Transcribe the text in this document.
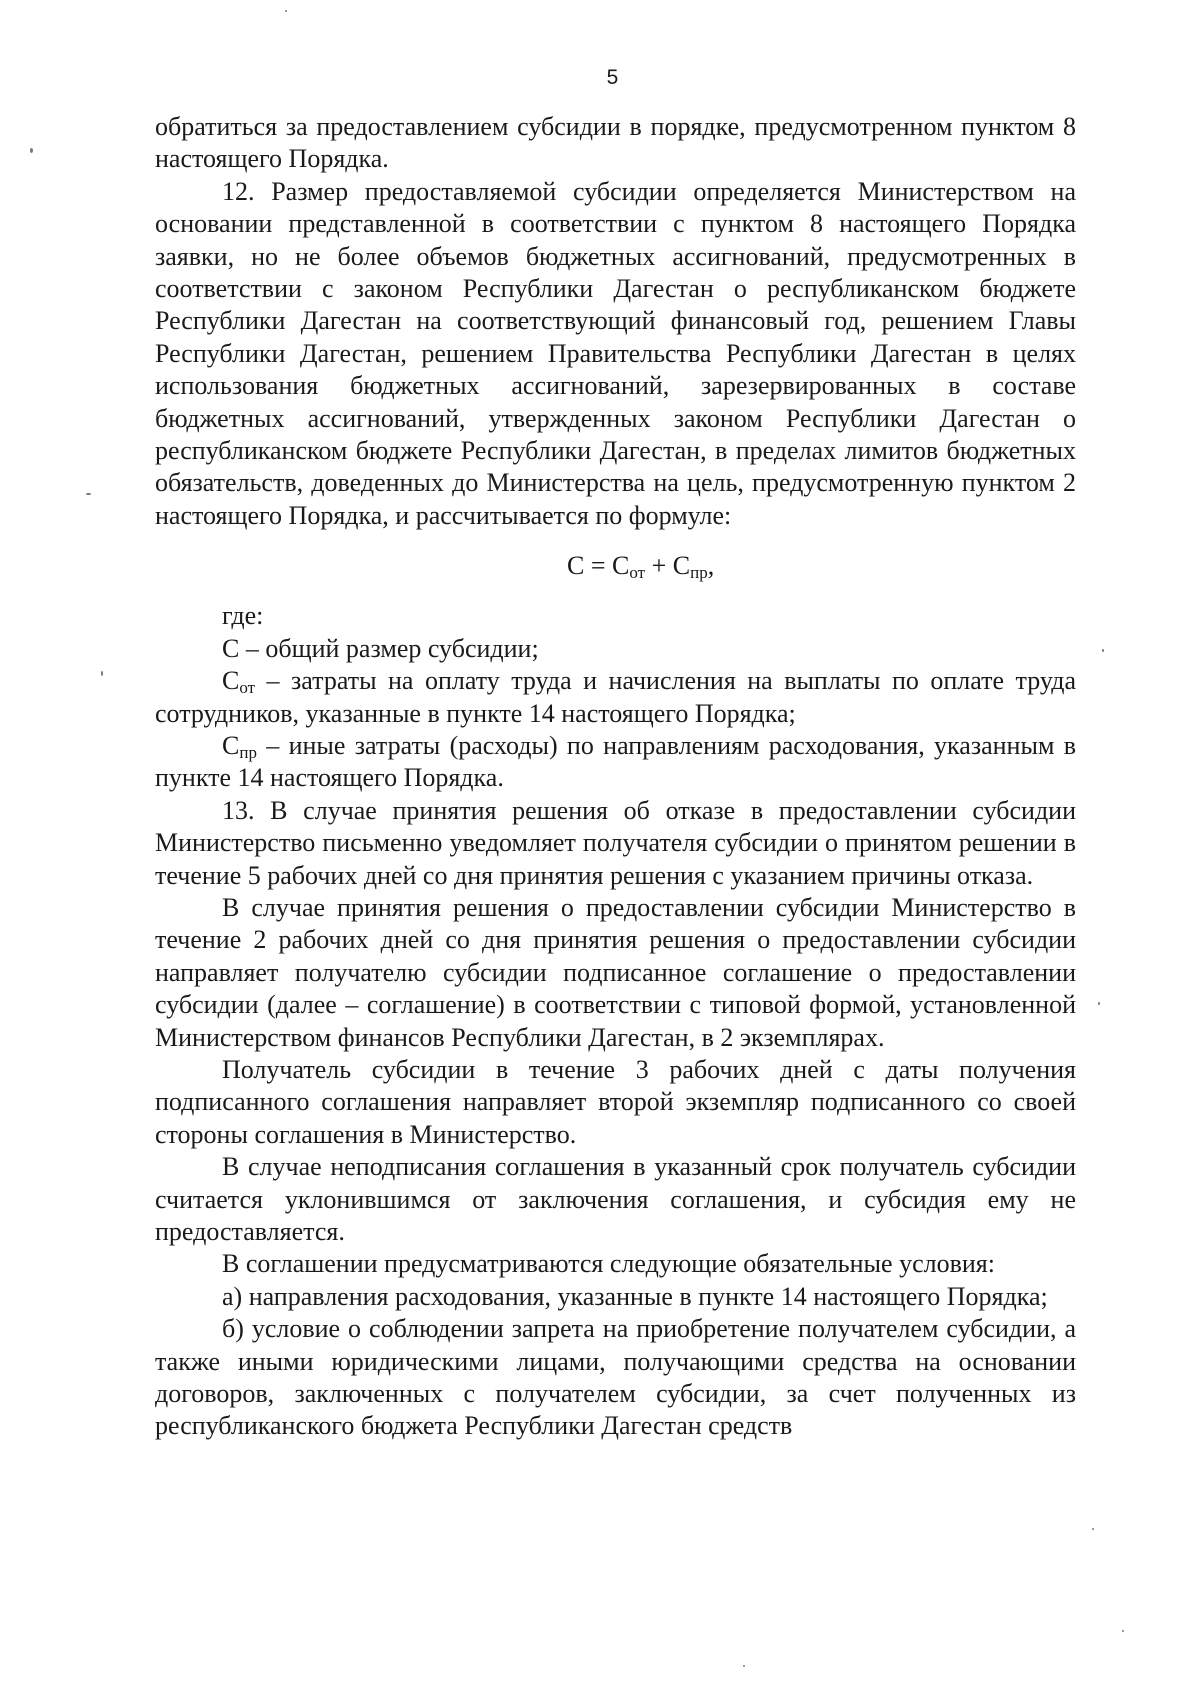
5

обратиться за предоставлением субсидии в порядке, предусмотренном пунктом 8 настоящего Порядка.

12. Размер предоставляемой субсидии определяется Министерством на основании представленной в соответствии с пунктом 8 настоящего Порядка заявки, но не более объемов бюджетных ассигнований, предусмотренных в соответствии с законом Республики Дагестан о республиканском бюджете Республики Дагестан на соответствующий финансовый год, решением Главы Республики Дагестан, решением Правительства Республики Дагестан в целях использования бюджетных ассигнований, зарезервированных в составе бюджетных ассигнований, утвержденных законом Республики Дагестан о республиканском бюджете Республики Дагестан, в пределах лимитов бюджетных обязательств, доведенных до Министерства на цель, предусмотренную пунктом 2 настоящего Порядка, и рассчитывается по формуле:

$С = С_{от} + С_{пр}$,

где:

С – общий размер субсидии;

$С_{от}$ – затраты на оплату труда и начисления на выплаты по оплате труда сотрудников, указанные в пункте 14 настоящего Порядка;

$С_{пр}$ – иные затраты (расходы) по направлениям расходования, указанным в пункте 14 настоящего Порядка.

13. В случае принятия решения об отказе в предоставлении субсидии Министерство письменно уведомляет получателя субсидии о принятом решении в течение 5 рабочих дней со дня принятия решения с указанием причины отказа.

В случае принятия решения о предоставлении субсидии Министерство в течение 2 рабочих дней со дня принятия решения о предоставлении субсидии направляет получателю субсидии подписанное соглашение о предоставлении субсидии (далее – соглашение) в соответствии с типовой формой, установленной Министерством финансов Республики Дагестан, в 2 экземплярах.

Получатель субсидии в течение 3 рабочих дней с даты получения подписанного соглашения направляет второй экземпляр подписанного со своей стороны соглашения в Министерство.

В случае неподписания соглашения в указанный срок получатель субсидии считается уклонившимся от заключения соглашения, и субсидия ему не предоставляется.

В соглашении предусматриваются следующие обязательные условия:

а) направления расходования, указанные в пункте 14 настоящего Порядка;

б) условие о соблюдении запрета на приобретение получателем субсидии, а также иными юридическими лицами, получающими средства на основании договоров, заключенных с получателем субсидии, за счет полученных из республиканского бюджета Республики Дагестан средств
